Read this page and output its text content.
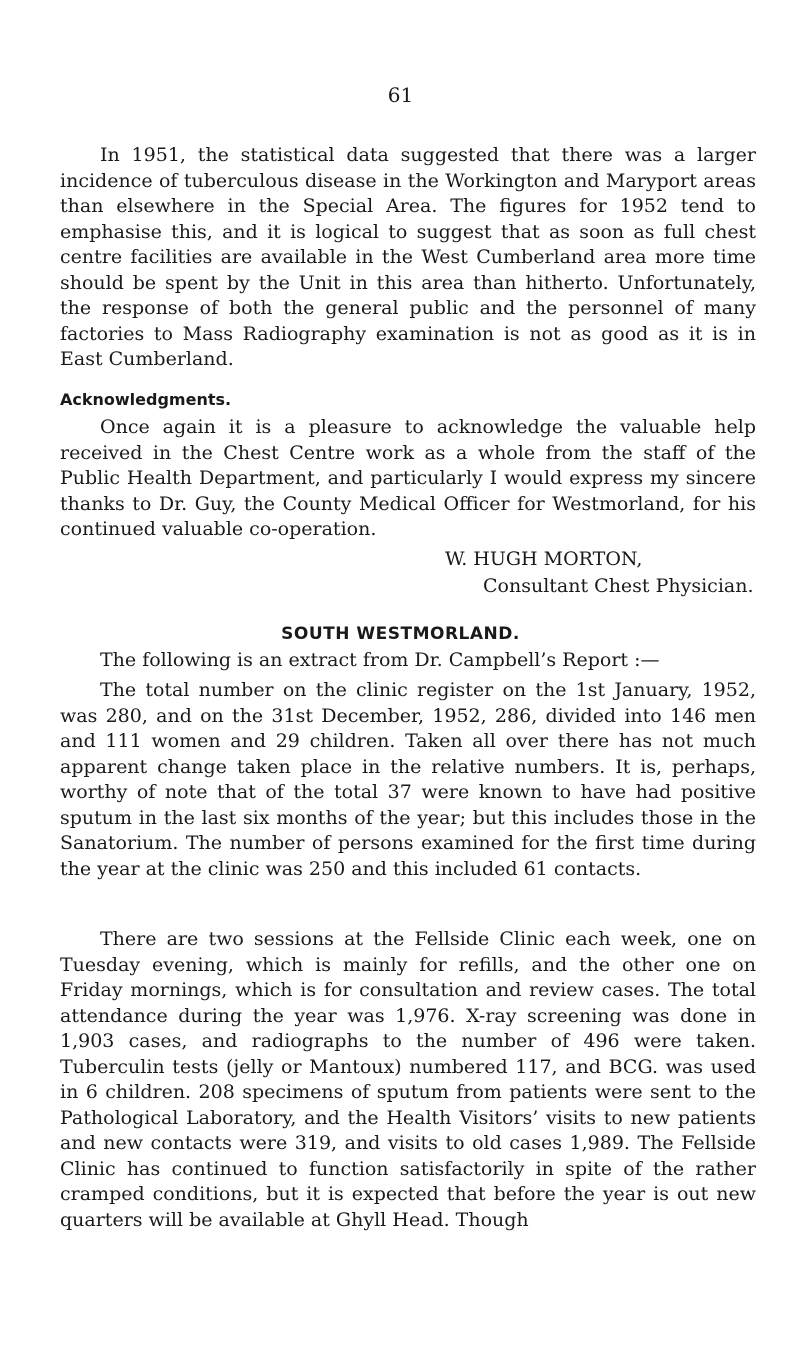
61

In 1951, the statistical data suggested that there was a larger incidence of tuberculous disease in the Workington and Maryport areas than elsewhere in the Special Area. The figures for 1952 tend to emphasise this, and it is logical to suggest that as soon as full chest centre facilities are available in the West Cumberland area more time should be spent by the Unit in this area than hitherto. Unfortunately, the response of both the general public and the personnel of many factories to Mass Radiography examination is not as good as it is in East Cumberland.

Acknowledgments.

Once again it is a pleasure to acknowledge the valuable help received in the Chest Centre work as a whole from the staff of the Public Health Department, and particularly I would express my sincere thanks to Dr. Guy, the County Medical Officer for Westmorland, for his continued valuable co-operation.

W. HUGH MORTON,
Consultant Chest Physician.

SOUTH WESTMORLAND.

The following is an extract from Dr. Campbell’s Report :—

The total number on the clinic register on the 1st January, 1952, was 280, and on the 31st December, 1952, 286, divided into 146 men and 111 women and 29 children. Taken all over there has not much apparent change taken place in the relative numbers. It is, perhaps, worthy of note that of the total 37 were known to have had positive sputum in the last six months of the year; but this includes those in the Sanatorium. The number of persons examined for the first time during the year at the clinic was 250 and this included 61 contacts.

There are two sessions at the Fellside Clinic each week, one on Tuesday evening, which is mainly for refills, and the other one on Friday mornings, which is for consultation and review cases. The total attendance during the year was 1,976. X-ray screening was done in 1,903 cases, and radiographs to the number of 496 were taken. Tuberculin tests (jelly or Mantoux) numbered 117, and BCG. was used in 6 children. 208 specimens of sputum from patients were sent to the Pathological Laboratory, and the Health Visitors’ visits to new patients and new contacts were 319, and visits to old cases 1,989. The Fellside Clinic has continued to function satisfactorily in spite of the rather cramped conditions, but it is expected that before the year is out new quarters will be available at Ghyll Head. Though
